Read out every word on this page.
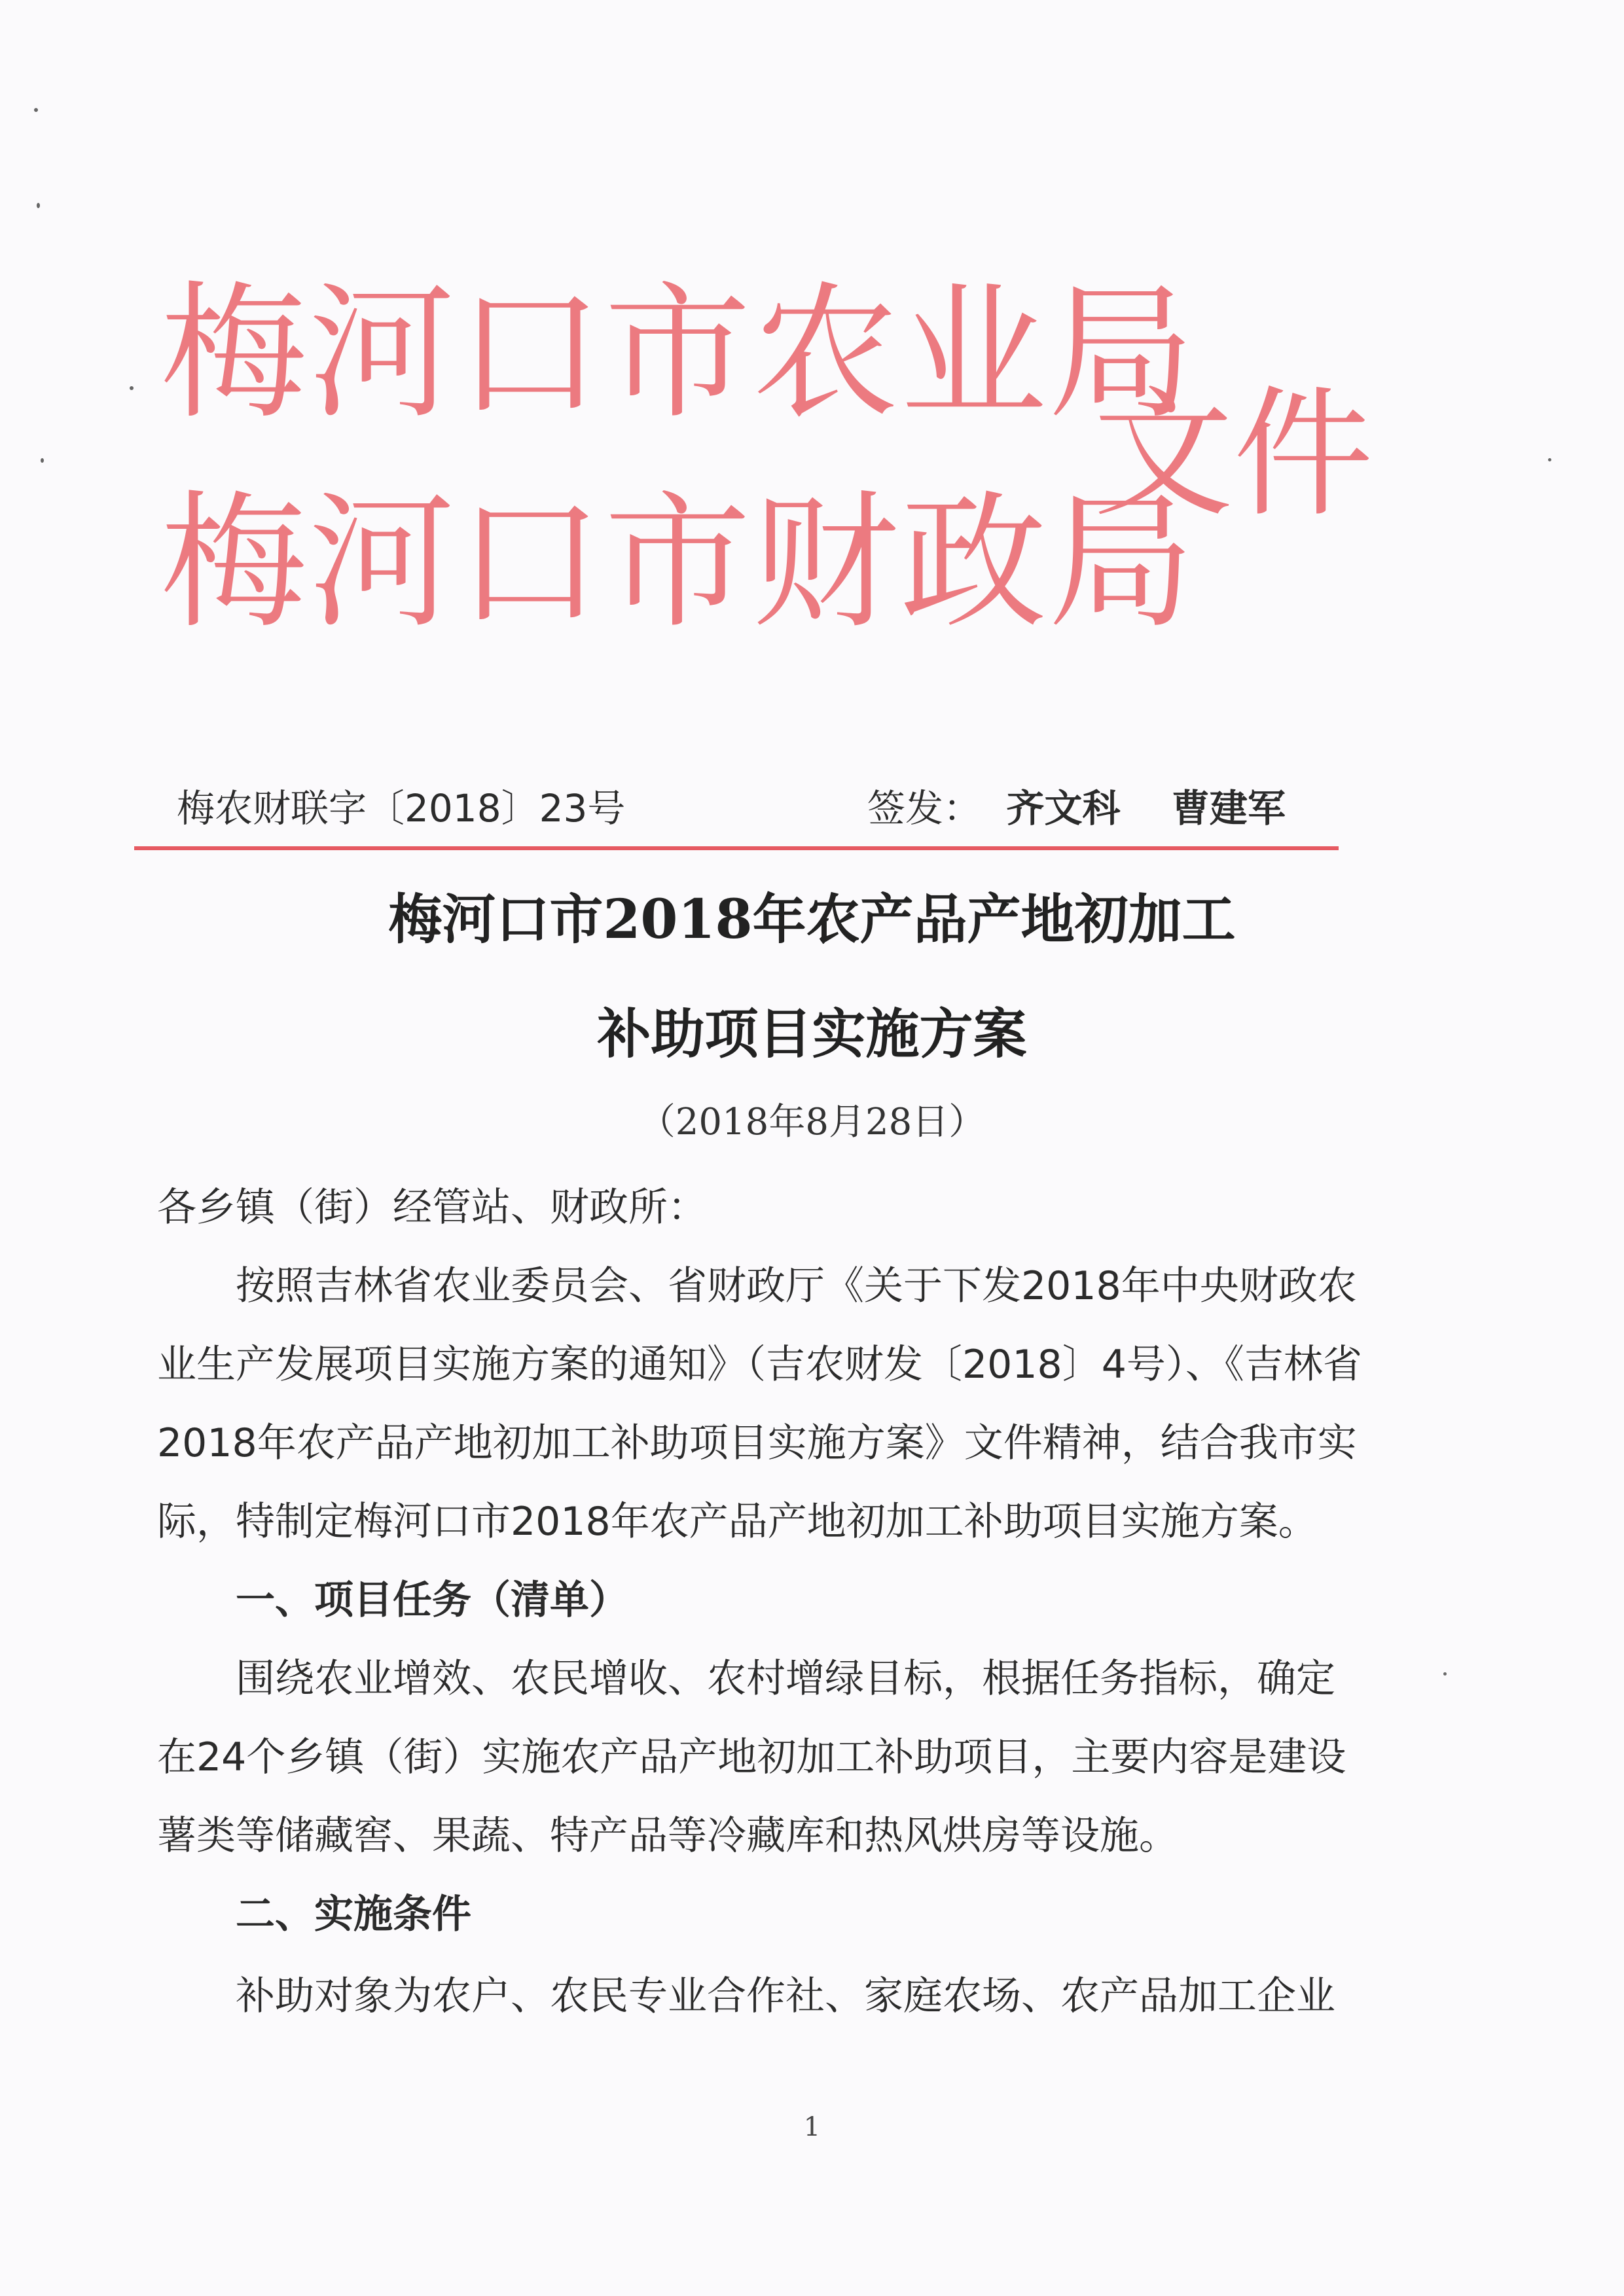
梅河口市农业局
梅河口市财政局
文件
梅农财联字〔2018〕23号	签发： 齐文科 曹建军
梅河口市2018年农产品产地初加工
补助项目实施方案
（2018年8月28日）
各乡镇（街）经管站、财政所：
按照吉林省农业委员会、省财政厅《关于下发2018年中央财政农
业生产发展项目实施方案的通知》（吉农财发〔2018〕4号）、《吉林省
2018年农产品产地初加工补助项目实施方案》文件精神，结合我市实
际，特制定梅河口市2018年农产品产地初加工补助项目实施方案。
一、项目任务（清单）
围绕农业增效、农民增收、农村增绿目标，根据任务指标，确定
在24个乡镇（街）实施农产品产地初加工补助项目，主要内容是建设
薯类等储藏窖、果蔬、特产品等冷藏库和热风烘房等设施。
二、实施条件
补助对象为农户、农民专业合作社、家庭农场、农产品加工企业
1
